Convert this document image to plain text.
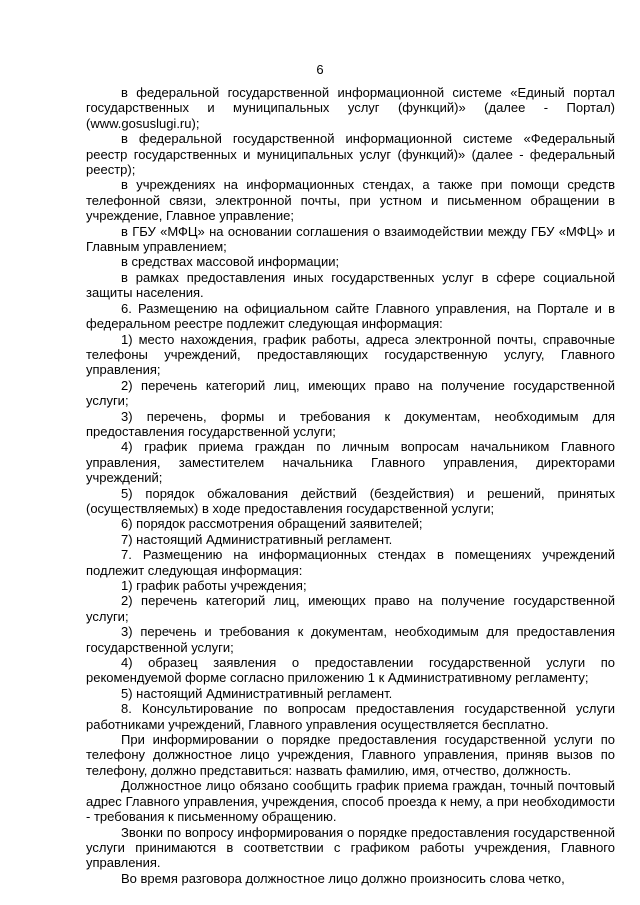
6

в федеральной государственной информационной системе «Единый портал государственных и муниципальных услуг (функций)» (далее - Портал) (www.gosuslugi.ru);

в федеральной государственной информационной системе «Федеральный реестр государственных и муниципальных услуг (функций)» (далее - федеральный реестр);

в учреждениях на информационных стендах, а также при помощи средств телефонной связи, электронной почты, при устном и письменном обращении в учреждение, Главное управление;

в ГБУ «МФЦ» на основании соглашения о взаимодействии между ГБУ «МФЦ» и Главным управлением;

в средствах массовой информации;

в рамках предоставления иных государственных услуг в сфере социальной защиты населения.

6. Размещению на официальном сайте Главного управления, на Портале и в федеральном реестре подлежит следующая информация:

1) место нахождения, график работы, адреса электронной почты, справочные телефоны учреждений, предоставляющих государственную услугу, Главного управления;

2) перечень категорий лиц, имеющих право на получение государственной услуги;

3) перечень, формы и требования к документам, необходимым для предоставления государственной услуги;

4) график приема граждан по личным вопросам начальником Главного управления, заместителем начальника Главного управления, директорами учреждений;

5) порядок обжалования действий (бездействия) и решений, принятых (осуществляемых) в ходе предоставления государственной услуги;

6) порядок рассмотрения обращений заявителей;

7) настоящий Административный регламент.

7. Размещению на информационных стендах в помещениях учреждений подлежит следующая информация:

1) график работы учреждения;

2) перечень категорий лиц, имеющих право на получение государственной услуги;

3) перечень и требования к документам, необходимым для предоставления государственной услуги;

4) образец заявления о предоставлении государственной услуги по рекомендуемой форме согласно приложению 1 к Административному регламенту;

5) настоящий Административный регламент.

8. Консультирование по вопросам предоставления государственной услуги работниками учреждений, Главного управления осуществляется бесплатно.

При информировании о порядке предоставления государственной услуги по телефону должностное лицо учреждения, Главного управления, приняв вызов по телефону, должно представиться: назвать фамилию, имя, отчество, должность.

Должностное лицо обязано сообщить график приема граждан, точный почтовый адрес Главного управления, учреждения, способ проезда к нему, а при необходимости - требования к письменному обращению.

Звонки по вопросу информирования о порядке предоставления государственной услуги принимаются в соответствии с графиком работы учреждения, Главного управления.

Во время разговора должностное лицо должно произносить слова четко,
